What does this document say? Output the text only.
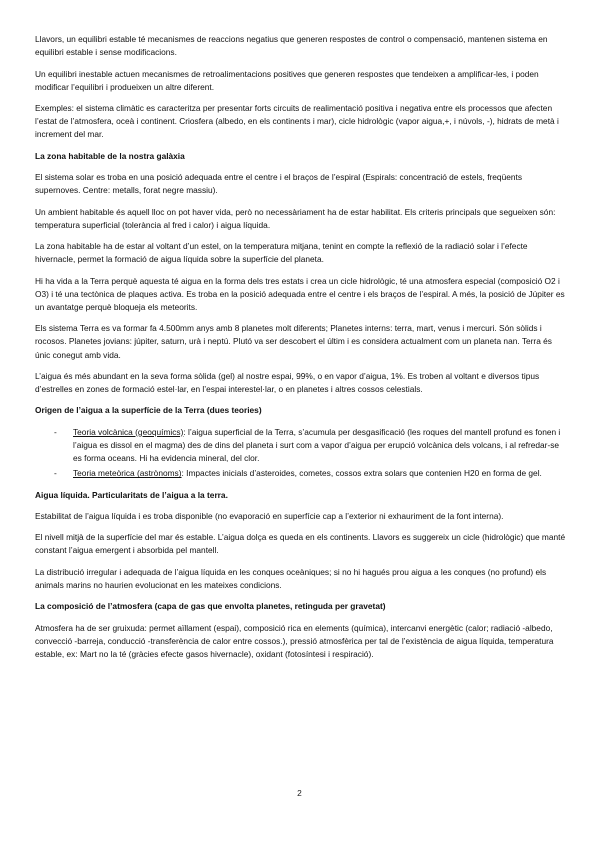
Llavors, un equilibri estable té mecanismes de reaccions negatius que generen respostes de control o compensació, mantenen sistema en equilibri estable i sense modificacions.

Un equilibri inestable actuen mecanismes de retroalimentacions positives que generen respostes que tendeixen a amplificar-les, i poden modificar l’equilibri i produeixen un altre diferent.

Exemples: el sistema climàtic es caracteritza per presentar forts circuits de realimentació positiva i negativa entre els processos que afecten l’estat de l’atmosfera, oceà i continent. Criosfera (albedo, en els continents i mar), cicle hidrològic (vapor aigua,+, i núvols, -), hidrats de metà i increment del mar.

La zona habitable de la nostra galàxia

El sistema solar es troba en una posició adequada entre el centre i el braços de l’espiral (Espirals: concentració de estels, freqüents supernoves. Centre: metalls, forat negre massiu).

Un ambient habitable és aquell lloc on pot haver vida, però no necessàriament ha de estar habilitat. Els criteris principals que segueixen són: temperatura superficial (tolerància al fred i calor) i aigua líquida.

La zona habitable ha de estar al voltant d’un estel, on la temperatura mitjana, tenint en compte la reflexió de la radiació solar i l’efecte hivernacle, permet la formació de aigua líquida sobre la superfície del planeta.

Hi ha vida a la Terra perquè aquesta té aigua en la forma dels tres estats i crea un cicle hidrològic, té una atmosfera especial (composició O2 i O3) i té una tectònica de plaques activa. Es troba en la posició adequada entre el centre i els braços de l’espiral. A més, la posició de Júpiter es un avantatge perquè bloqueja els meteorits.

Els sistema Terra es va formar fa 4.500mm anys amb 8 planetes molt diferents; Planetes interns: terra, mart, venus i mercuri. Són sòlids i rocosos. Planetes jovians: júpiter, saturn, urà i neptú. Plutó va ser descobert el últim i es considera actualment com un planeta nan. Terra és únic conegut amb vida.

L’aigua és més abundant en la seva forma sòlida (gel) al nostre espai, 99%, o en vapor d’aigua, 1%. Es troben al voltant e diversos tipus d’estrelles en zones de formació estel·lar, en l’espai interestel·lar, o en planetes i altres cossos celestials.

Origen de l’aigua a la superfície de la Terra (dues teories)
- Teoria volcànica (geoquímics): l’aigua superficial de la Terra, s’acumula per desgasificació (les roques del mantell profund es fonen i l’aigua es dissol en el magma) des de dins del planeta i surt com a vapor d’aigua per erupció volcànica dels volcans, i al refredar-se es forma oceans. Hi ha evidencia mineral, del clor.
- Teoria meteòrica (astrònoms): Impactes inicials d’asteroides, cometes, cossos extra solars que contenien H20 en forma de gel.
Aigua líquida. Particularitats de l’aigua a la terra.

Estabilitat de l’aigua líquida i es troba disponible (no evaporació en superfície cap a l’exterior ni exhauriment de la font interna).

El nivell mitjà de la superfície del mar és estable. L’aigua dolça es queda en els continents. Llavors es suggereix un cicle (hidrològic) que manté constant l’aigua emergent i absorbida pel mantell.

La distribució irregular i adequada de l’aigua líquida en les conques oceàniques; si no hi hagués prou aigua a les conques (no profund) els animals marins no haurien evolucionat en les mateixes condicions.

La composició de l’atmosfera (capa de gas que envolta planetes, retinguda per gravetat)

Atmosfera ha de ser gruixuda: permet aïllament (espai), composició rica en elements (química), intercanvi energètic (calor; radiació -albedo, convecció -barreja, conducció -transferència de calor entre cossos.), pressió atmosfèrica per tal de l’existència de aigua líquida, temperatura estable, ex: Mart no la té (gràcies efecte gasos hivernacle), oxidant (fotosíntesi i respiració).

2
